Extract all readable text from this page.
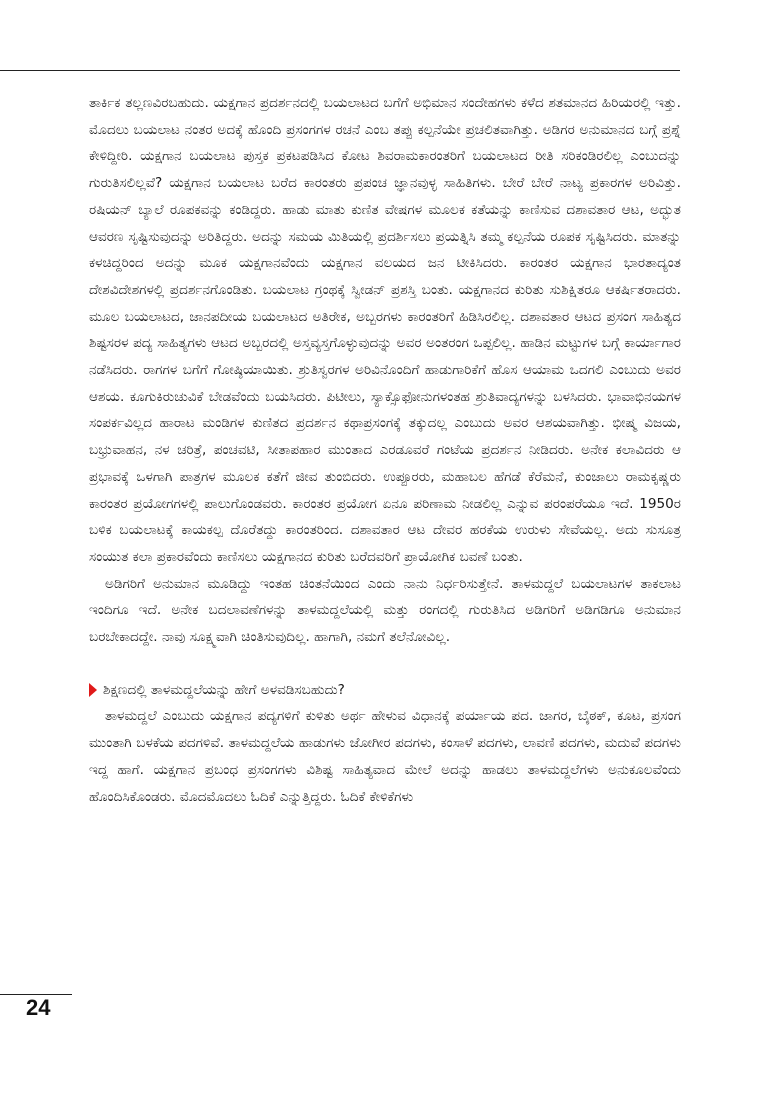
ತಾರ್ಕಿಕ ತಲ್ಲಣವಿರಬಹುದು. ಯಕ್ಷಗಾನ ಪ್ರದರ್ಶನದಲ್ಲಿ ಬಯಲಾಟದ ಬಗೆಗೆ ಅಭಿಮಾನ ಸಂದೇಹಗಳು ಕಳೆದ ಶತಮಾನದ ಹಿರಿಯರಲ್ಲಿ ಇತ್ತು. ಮೊದಲು ಬಯಲಾಟ ನಂತರ ಅದಕ್ಕೆ ಹೊಂದಿ ಪ್ರಸಂಗಗಳ ರಚನೆ ಎಂಬ ತಪ್ಪು ಕಲ್ಪನೆಯೇ ಪ್ರಚಲಿತವಾಗಿತ್ತು. ಅಡಿಗರ ಅನುಮಾನದ ಬಗ್ಗೆ ಪ್ರಶ್ನೆ ಕೇಳಿದ್ದೀರಿ. ಯಕ್ಷಗಾನ ಬಯಲಾಟ ಪುಸ್ತಕ ಪ್ರಕಟಪಡಿಸಿದ ಕೋಟ ಶಿವರಾಮಕಾರಂತರಿಗೆ ಬಯಲಾಟದ ರೀತಿ ಸರಿಕಂಡಿರಲಿಲ್ಲ ಎಂಬುದನ್ನು ಗುರುತಿಸಲಿಲ್ಲವೆ? ಯಕ್ಷಗಾನ ಬಯಲಾಟ ಬರೆದ ಕಾರಂತರು ಪ್ರಪಂಚ ಜ್ಞಾನವುಳ್ಳ ಸಾಹಿತಿಗಳು. ಬೇರೆ ಬೇರೆ ನಾಟ್ಯ ಪ್ರಕಾರಗಳ ಅರಿವಿತ್ತು. ರಷಿಯನ್ ಬ್ಯಾಲೆ ರೂಪಕವನ್ನು ಕಂಡಿದ್ದರು. ಹಾಡು ಮಾತು ಕುಣಿತ ವೇಷಗಳ ಮೂಲಕ ಕತೆಯನ್ನು ಕಾಣಿಸುವ ದಶಾವತಾರ ಆಟ, ಅದ್ಭುತ ಆವರಣ ಸೃಷ್ಟಿಸುವುದನ್ನು ಅರಿತಿದ್ದರು. ಅದನ್ನು ಸಮಯ ಮಿತಿಯಲ್ಲಿ ಪ್ರದರ್ಶಿಸಲು ಪ್ರಯತ್ನಿಸಿ ತಮ್ಮ ಕಲ್ಪನೆಯ ರೂಪಕ ಸೃಷ್ಟಿಸಿದರು. ಮಾತನ್ನು ಕಳಚಿದ್ದರಿಂದ ಅದನ್ನು ಮೂಕ ಯಕ್ಷಗಾನವೆಂದು ಯಕ್ಷಗಾನ ವಲಯದ ಜನ ಟೀಕಿಸಿದರು. ಕಾರಂತರ ಯಕ್ಷಗಾನ ಭಾರತಾದ್ಯಂತ ದೇಶವಿದೇಶಗಳಲ್ಲಿ ಪ್ರದರ್ಶನಗೊಂಡಿತು. ಬಯಲಾಟ ಗ್ರಂಥಕ್ಕೆ ಸ್ವೀಡನ್ ಪ್ರಶಸ್ತಿ ಬಂತು. ಯಕ್ಷಗಾನದ ಕುರಿತು ಸುಶಿಕ್ಷಿತರೂ ಆಕರ್ಷಿತರಾದರು. ಮೂಲ ಬಯಲಾಟದ, ಜಾನಪದೀಯ ಬಯಲಾಟದ ಅತಿರೇಕ, ಅಬ್ಬರಗಳು ಕಾರಂತರಿಗೆ ಹಿಡಿಸಿರಲಿಲ್ಲ. ದಶಾವತಾರ ಆಟದ ಪ್ರಸಂಗ ಸಾಹಿತ್ಯದ ಶಿಷ್ಟಸರಳ ಪದ್ಯ ಸಾಹಿತ್ಯಗಳು ಆಟದ ಅಬ್ಬರದಲ್ಲಿ ಅಸ್ತವ್ಯಸ್ತಗೊಳ್ಳುವುದನ್ನು ಅವರ ಅಂತರಂಗ ಒಪ್ಪಲಿಲ್ಲ. ಹಾಡಿನ ಮಟ್ಟುಗಳ ಬಗ್ಗೆ ಕಾರ್ಯಾಗಾರ ನಡೆಸಿದರು. ರಾಗಗಳ ಬಗೆಗೆ ಗೋಷ್ಠಿಯಾಯಿತು. ಶ್ರುತಿಸ್ವರಗಳ ಅರಿವಿನೊಂದಿಗೆ ಹಾಡುಗಾರಿಕೆಗೆ ಹೊಸ ಆಯಾಮ ಒದಗಲಿ ಎಂಬುದು ಅವರ ಆಶಯ. ಕೂಗುಕಿರುಚುವಿಕೆ ಬೇಡವೆಂದು ಬಯಸಿದರು. ಪಿಟೀಲು, ಸ್ಯಾಕ್ಸೊಫೋನುಗಳಂತಹ ಶ್ರುತಿವಾದ್ಯಗಳನ್ನು ಬಳಸಿದರು. ಭಾವಾಭಿನಯಗಳ ಸಂಪರ್ಕವಿಲ್ಲದ ಹಾರಾಟ ಮಂಡಿಗಳ ಕುಣಿತದ ಪ್ರದರ್ಶನ ಕಥಾಪ್ರಸಂಗಕ್ಕೆ ತಕ್ಕುದಲ್ಲ ಎಂಬುದು ಅವರ ಆಶಯವಾಗಿತ್ತು. ಭೀಷ್ಮ ವಿಜಯ, ಬಭ್ರುವಾಹನ, ನಳ ಚರಿತ್ರೆ, ಪಂಚವಟಿ, ಸೀತಾಪಹಾರ ಮುಂತಾದ ಎರಡೂವರೆ ಗಂಟೆಯ ಪ್ರದರ್ಶನ ನೀಡಿದರು. ಅನೇಕ ಕಲಾವಿದರು ಆ ಪ್ರಭಾವಕ್ಕೆ ಒಳಗಾಗಿ ಪಾತ್ರಗಳ ಮೂಲಕ ಕತೆಗೆ ಜೀವ ತುಂಬಿದರು. ಉಪ್ಪೂರರು, ಮಹಾಬಲ ಹೆಗಡೆ ಕೆರೆಮನೆ, ಕುಂಜಾಲು ರಾಮಕೃಷ್ಣರು ಕಾರಂತರ ಪ್ರಯೋಗಗಳಲ್ಲಿ ಪಾಲುಗೊಂಡವರು. ಕಾರಂತರ ಪ್ರಯೋಗ ಏನೂ ಪರಿಣಾಮ ನೀಡಲಿಲ್ಲ ಎನ್ನುವ ಪರಂಪರೆಯೂ ಇದೆ. 1950ರ ಬಳಿಕ ಬಯಲಾಟಕ್ಕೆ ಕಾಯಕಲ್ಪ ದೊರೆತದ್ದು ಕಾರಂತರಿಂದ. ದಶಾವತಾರ ಆಟ ದೇವರ ಹರಕೆಯ ಉರುಳು ಸೇವೆಯಲ್ಲ. ಅದು ಸುಸೂತ್ರ ಸಂಯುತ ಕಲಾ ಪ್ರಕಾರವೆಂದು ಕಾಣಿಸಲು ಯಕ್ಷಗಾನದ ಕುರಿತು ಬರೆದವರಿಗೆ ಪ್ರಾಯೋಗಿಕ ಬವಣೆ ಬಂತು.

ಅಡಿಗರಿಗೆ ಅನುಮಾನ ಮೂಡಿದ್ದು ಇಂತಹ ಚಿಂತನೆಯಿಂದ ಎಂದು ನಾನು ನಿರ್ಧರಿಸುತ್ತೇನೆ. ತಾಳಮದ್ದಲೆ ಬಯಲಾಟಗಳ ತಾಕಲಾಟ ಇಂದಿಗೂ ಇದೆ. ಅನೇಕ ಬದಲಾವಣೆಗಳನ್ನು ತಾಳಮದ್ದಲೆಯಲ್ಲಿ ಮತ್ತು ರಂಗದಲ್ಲಿ ಗುರುತಿಸಿದ ಅಡಿಗರಿಗೆ ಅಡಿಗಡಿಗೂ ಅನುಮಾನ ಬರಬೇಕಾದದ್ದೇ. ನಾವು ಸೂಕ್ಷ್ಮವಾಗಿ ಚಿಂತಿಸುವುದಿಲ್ಲ. ಹಾಗಾಗಿ, ನಮಗೆ ತಲೆನೋವಿಲ್ಲ.

ಶಿಕ್ಷಣದಲ್ಲಿ ತಾಳಮದ್ದಲೆಯನ್ನು ಹೇಗೆ ಅಳವಡಿಸಬಹುದು?

ತಾಳಮದ್ದಲೆ ಎಂಬುದು ಯಕ್ಷಗಾನ ಪದ್ಯಗಳಿಗೆ ಕುಳಿತು ಅರ್ಥ ಹೇಳುವ ವಿಧಾನಕ್ಕೆ ಪರ್ಯಾಯ ಪದ. ಜಾಗರ, ಬೈಠಕ್, ಕೂಟ, ಪ್ರಸಂಗ ಮುಂತಾಗಿ ಬಳಕೆಯ ಪದಗಳಿವೆ. ತಾಳಮದ್ದಲೆಯ ಹಾಡುಗಳು ಜೋಗೀರ ಪದಗಳು, ಕಂಸಾಳೆ ಪದಗಳು, ಲಾವಣಿ ಪದಗಳು, ಮದುವೆ ಪದಗಳು ಇದ್ದ ಹಾಗೆ. ಯಕ್ಷಗಾನ ಪ್ರಬಂಧ ಪ್ರಸಂಗಗಳು ವಿಶಿಷ್ಟ ಸಾಹಿತ್ಯವಾದ ಮೇಲೆ ಅದನ್ನು ಹಾಡಲು ತಾಳಮದ್ದಲೆಗಳು ಅನುಕೂಲವೆಂದು ಹೊಂದಿಸಿಕೊಂಡರು. ಮೊದಮೊದಲು ಓದಿಕೆ ಎನ್ನುತ್ತಿದ್ದರು. ಓದಿಕೆ ಕೇಳಿಕೆಗಳು

24
